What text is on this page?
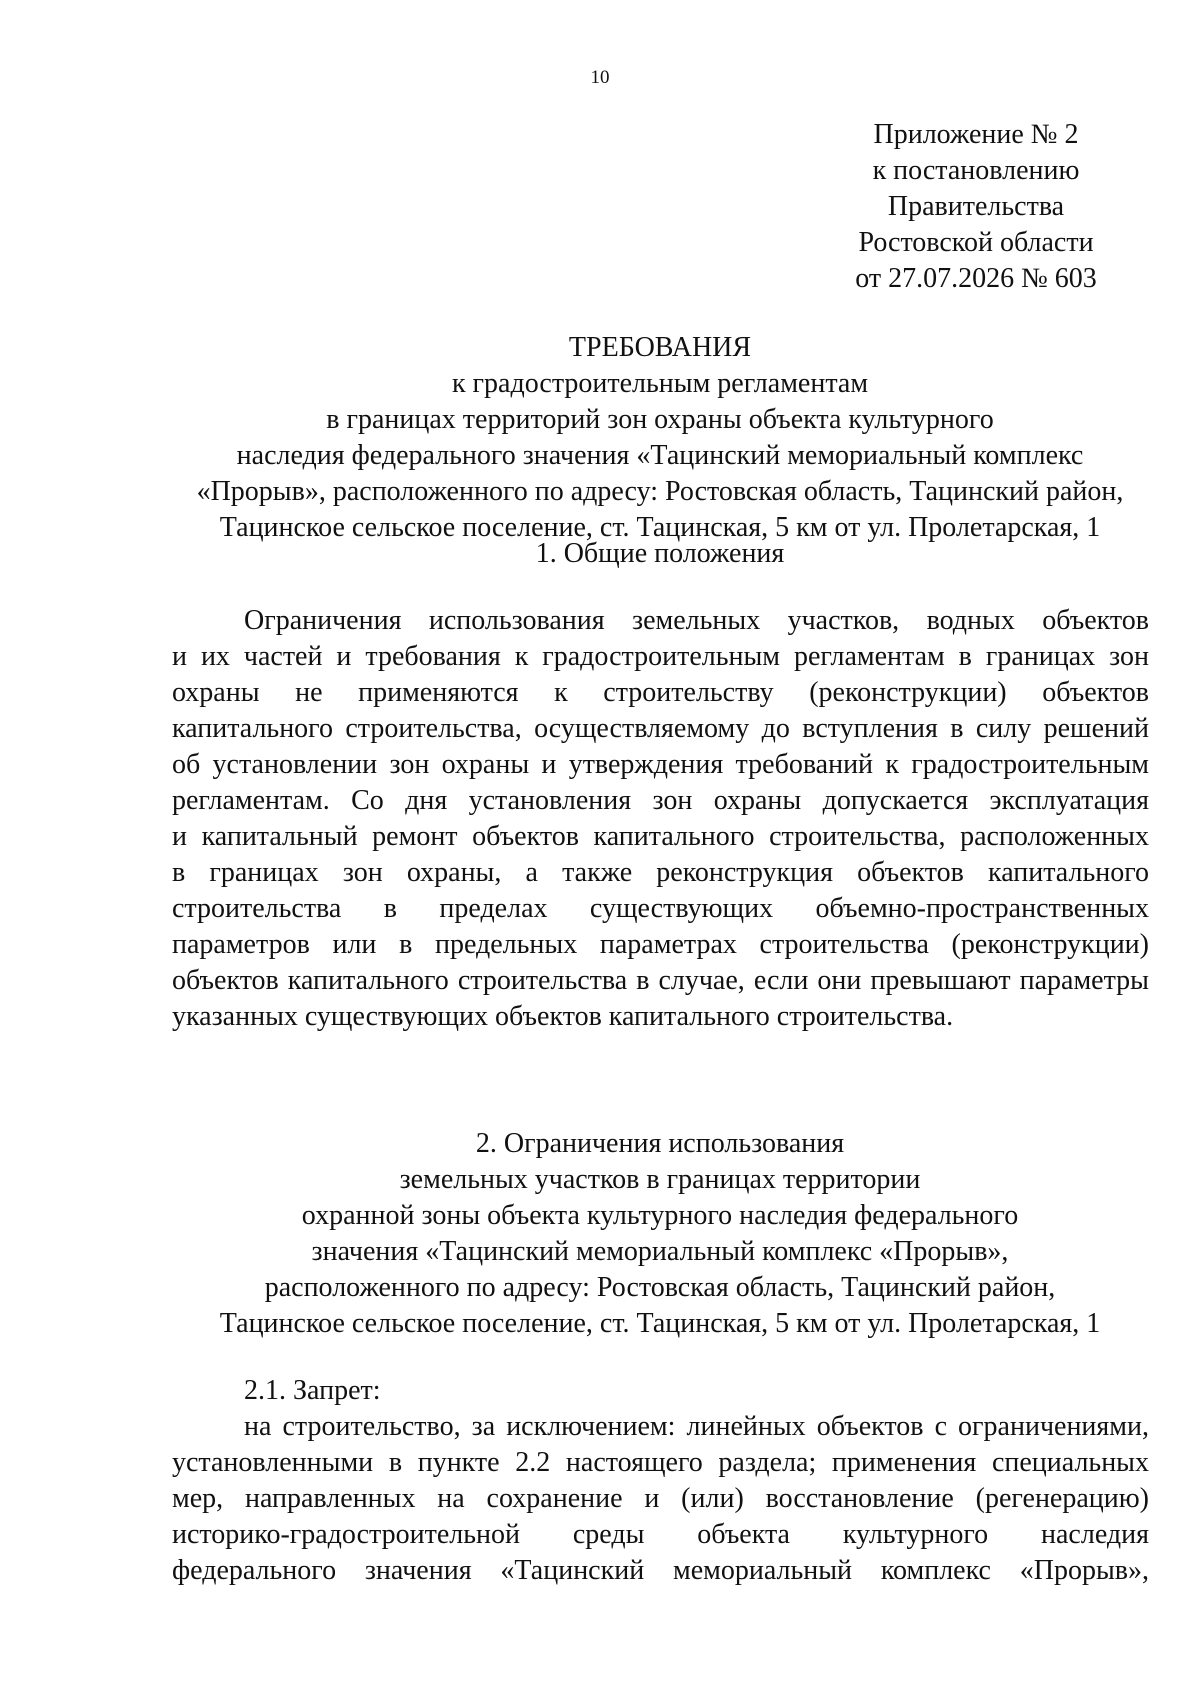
10
Приложение № 2
к постановлению
Правительства
Ростовской области
от 27.07.2026 № 603
ТРЕБОВАНИЯ
к градостроительным регламентам
в границах территорий зон охраны объекта культурного
наследия федерального значения «Тацинский мемориальный комплекс
«Прорыв», расположенного по адресу: Ростовская область, Тацинский район,
Тацинское сельское поселение, ст. Тацинская, 5 км от ул. Пролетарская, 1
1. Общие положения
Ограничения использования земельных участков, водных объектов
и их частей и требования к градостроительным регламентам в границах зон
охраны не применяются к строительству (реконструкции) объектов
капитального строительства, осуществляемому до вступления в силу решений
об установлении зон охраны и утверждения требований к градостроительным
регламентам. Со дня установления зон охраны допускается эксплуатация
и капитальный ремонт объектов капитального строительства, расположенных
в границах зон охраны, а также реконструкция объектов капитального
строительства в пределах существующих объемно-пространственных
параметров или в предельных параметрах строительства (реконструкции)
объектов капитального строительства в случае, если они превышают параметры
указанных существующих объектов капитального строительства.
2. Ограничения использования
земельных участков в границах территории
охранной зоны объекта культурного наследия федерального
значения «Тацинский мемориальный комплекс «Прорыв»,
расположенного по адресу: Ростовская область, Тацинский район,
Тацинское сельское поселение, ст. Тацинская, 5 км от ул. Пролетарская, 1
2.1. Запрет:
на строительство, за исключением: линейных объектов с ограничениями,
установленными в пункте 2.2 настоящего раздела; применения специальных
мер, направленных на сохранение и (или) восстановление (регенерацию)
историко-градостроительной среды объекта культурного наследия
федерального значения «Тацинский мемориальный комплекс «Прорыв»,
